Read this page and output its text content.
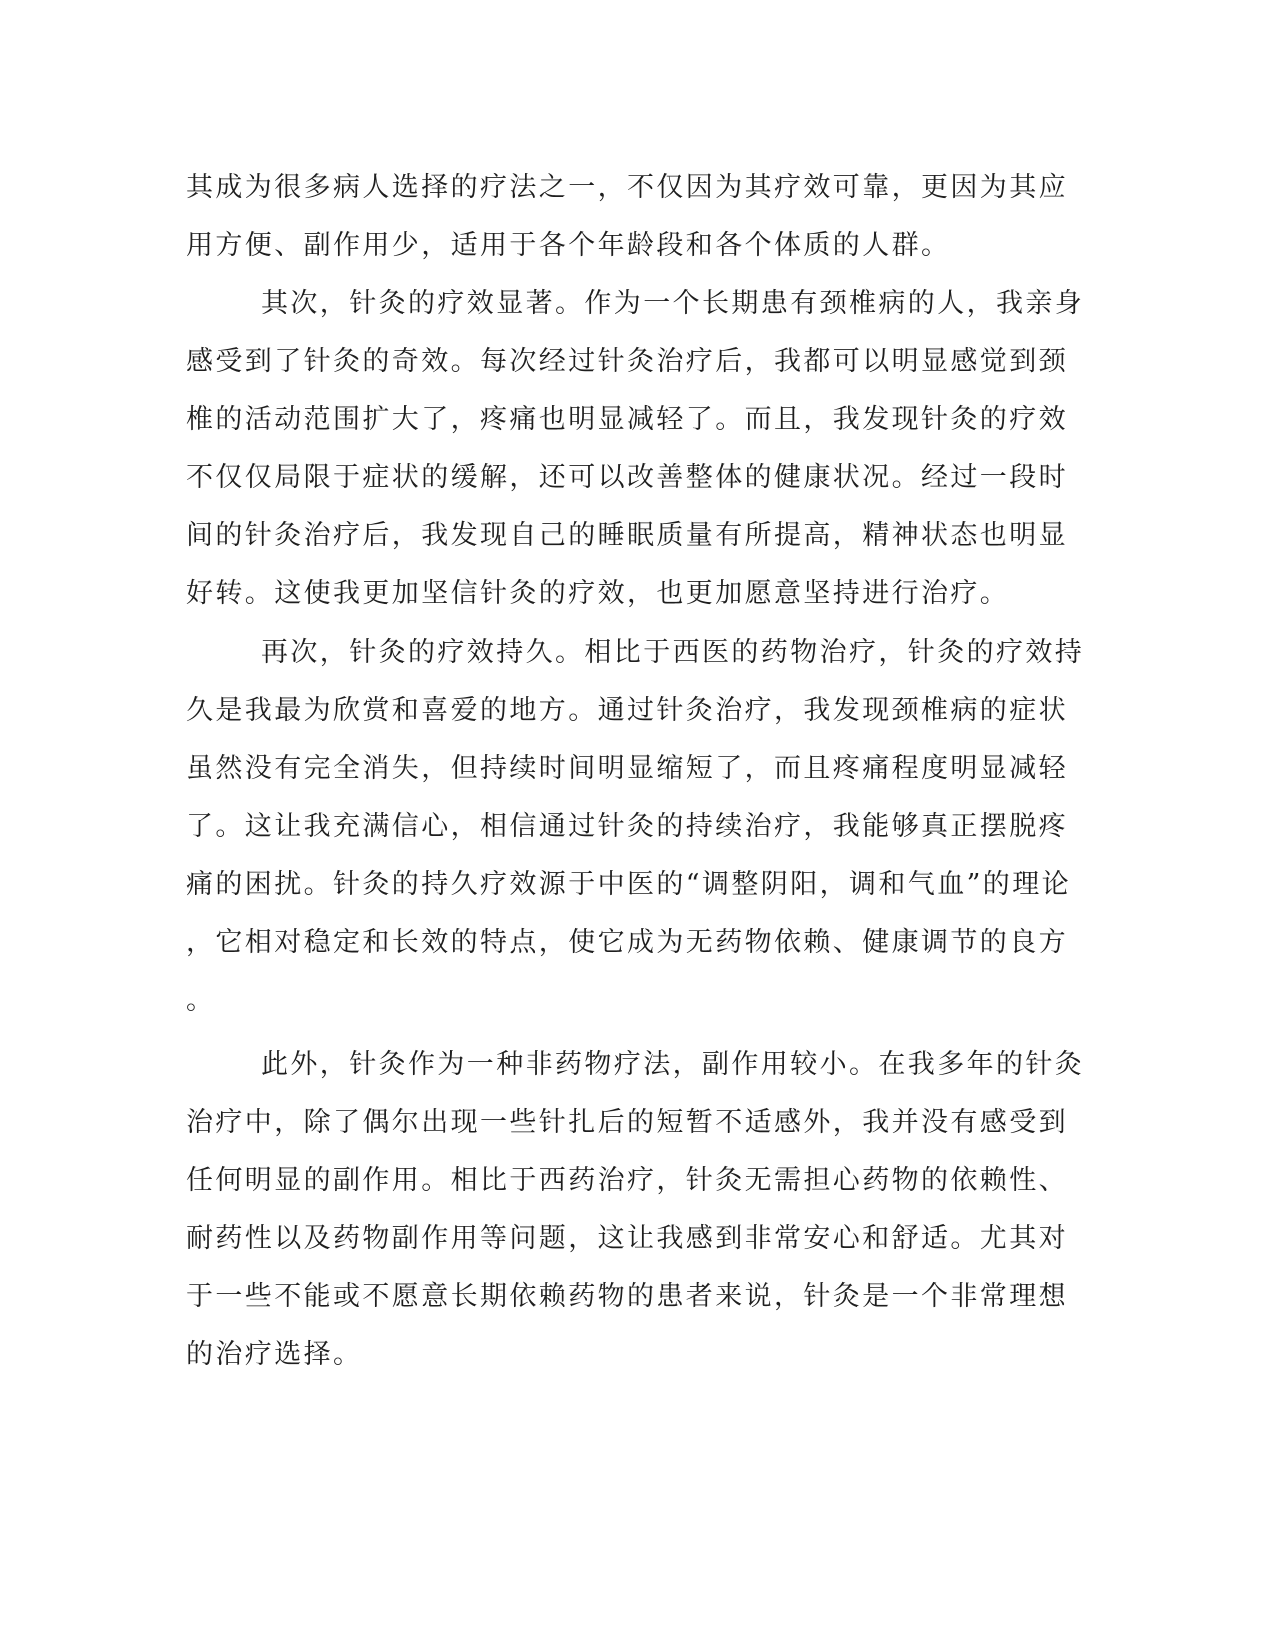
其成为很多病人选择的疗法之一，不仅因为其疗效可靠，更因为其应
用方便、副作用少，适用于各个年龄段和各个体质的人群。
其次，针灸的疗效显著。作为一个长期患有颈椎病的人，我亲身
感受到了针灸的奇效。每次经过针灸治疗后，我都可以明显感觉到颈
椎的活动范围扩大了，疼痛也明显减轻了。而且，我发现针灸的疗效
不仅仅局限于症状的缓解，还可以改善整体的健康状况。经过一段时
间的针灸治疗后，我发现自己的睡眠质量有所提高，精神状态也明显
好转。这使我更加坚信针灸的疗效，也更加愿意坚持进行治疗。
再次，针灸的疗效持久。相比于西医的药物治疗，针灸的疗效持
久是我最为欣赏和喜爱的地方。通过针灸治疗，我发现颈椎病的症状
虽然没有完全消失，但持续时间明显缩短了，而且疼痛程度明显减轻
了。这让我充满信心，相信通过针灸的持续治疗，我能够真正摆脱疼
痛的困扰。针灸的持久疗效源于中医的“调整阴阳，调和气血”的理论
，它相对稳定和长效的特点，使它成为无药物依赖、健康调节的良方
。
此外，针灸作为一种非药物疗法，副作用较小。在我多年的针灸
治疗中，除了偶尔出现一些针扎后的短暂不适感外，我并没有感受到
任何明显的副作用。相比于西药治疗，针灸无需担心药物的依赖性、
耐药性以及药物副作用等问题，这让我感到非常安心和舒适。尤其对
于一些不能或不愿意长期依赖药物的患者来说，针灸是一个非常理想
的治疗选择。
